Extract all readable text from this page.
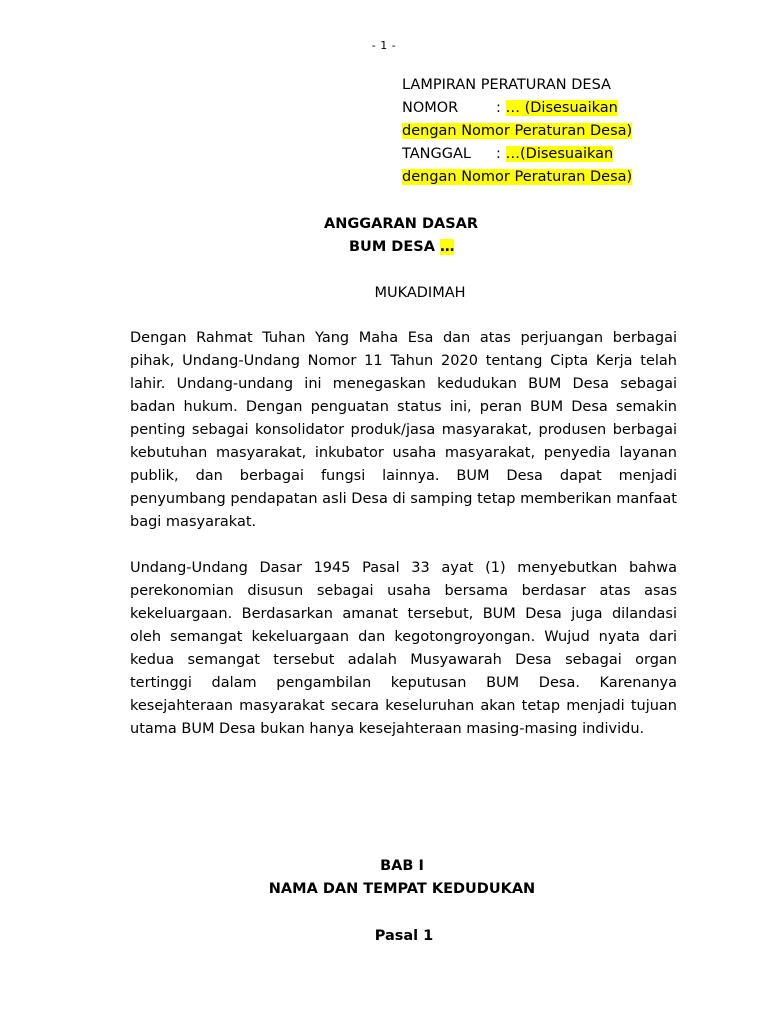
- 1 -
LAMPIRAN PERATURAN DESA
NOMOR	: … (Disesuaikan
dengan Nomor Peraturan Desa)
TANGGAL : …(Disesuaikan
dengan Nomor Peraturan Desa)
ANGGARAN DASAR
BUM DESA …
MUKADIMAH

Dengan Rahmat Tuhan Yang Maha Esa dan atas perjuangan berbagai pihak, Undang-Undang Nomor 11 Tahun 2020 tentang Cipta Kerja telah lahir. Undang-undang ini menegaskan kedudukan BUM Desa sebagai badan hukum. Dengan penguatan status ini, peran BUM Desa semakin penting sebagai konsolidator produk/jasa masyarakat, produsen berbagai kebutuhan masyarakat, inkubator usaha masyarakat, penyedia layanan publik, dan berbagai fungsi lainnya. BUM Desa dapat menjadi penyumbang pendapatan asli Desa di samping tetap memberikan manfaat bagi masyarakat.

Undang-Undang Dasar 1945 Pasal 33 ayat (1) menyebutkan bahwa perekonomian disusun sebagai usaha bersama berdasar atas asas kekeluargaan. Berdasarkan amanat tersebut, BUM Desa juga dilandasi oleh semangat kekeluargaan dan kegotongroyongan. Wujud nyata dari kedua semangat tersebut adalah Musyawarah Desa sebagai organ tertinggi dalam pengambilan keputusan BUM Desa. Karenanya kesejahteraan masyarakat secara keseluruhan akan tetap menjadi tujuan utama BUM Desa bukan hanya kesejahteraan masing-masing individu.

BAB I
NAMA DAN TEMPAT KEDUDUKAN
Pasal 1
